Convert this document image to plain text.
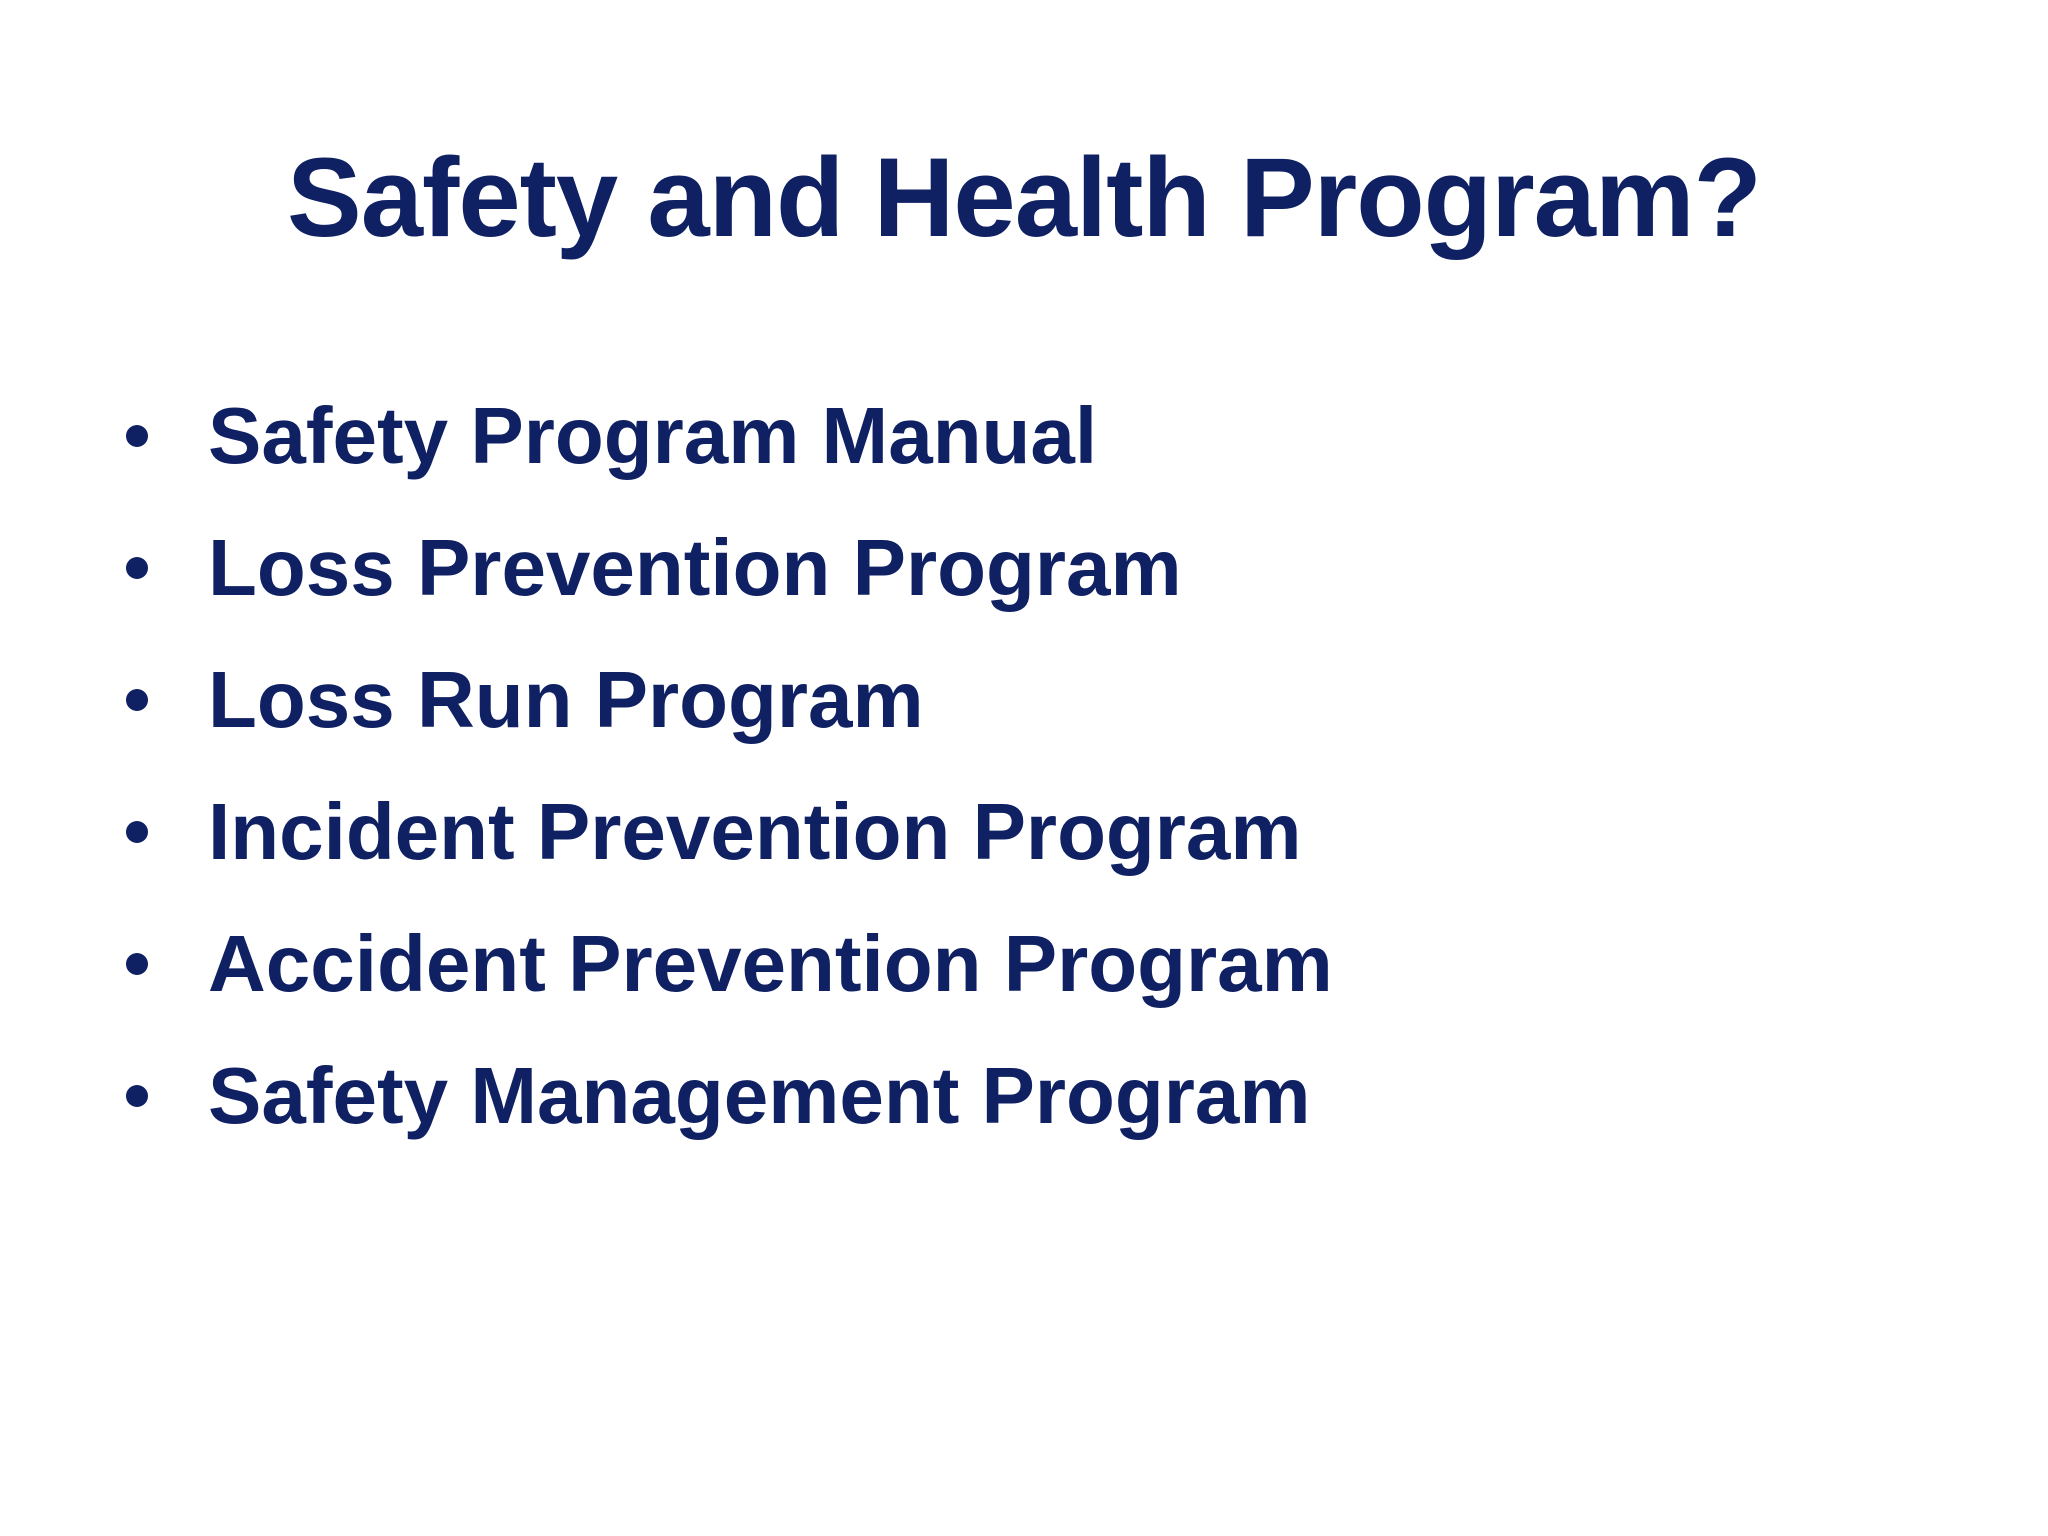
Safety and Health Program?
Safety Program Manual
Loss Prevention Program
Loss Run Program
Incident Prevention Program
Accident Prevention Program
Safety Management Program
